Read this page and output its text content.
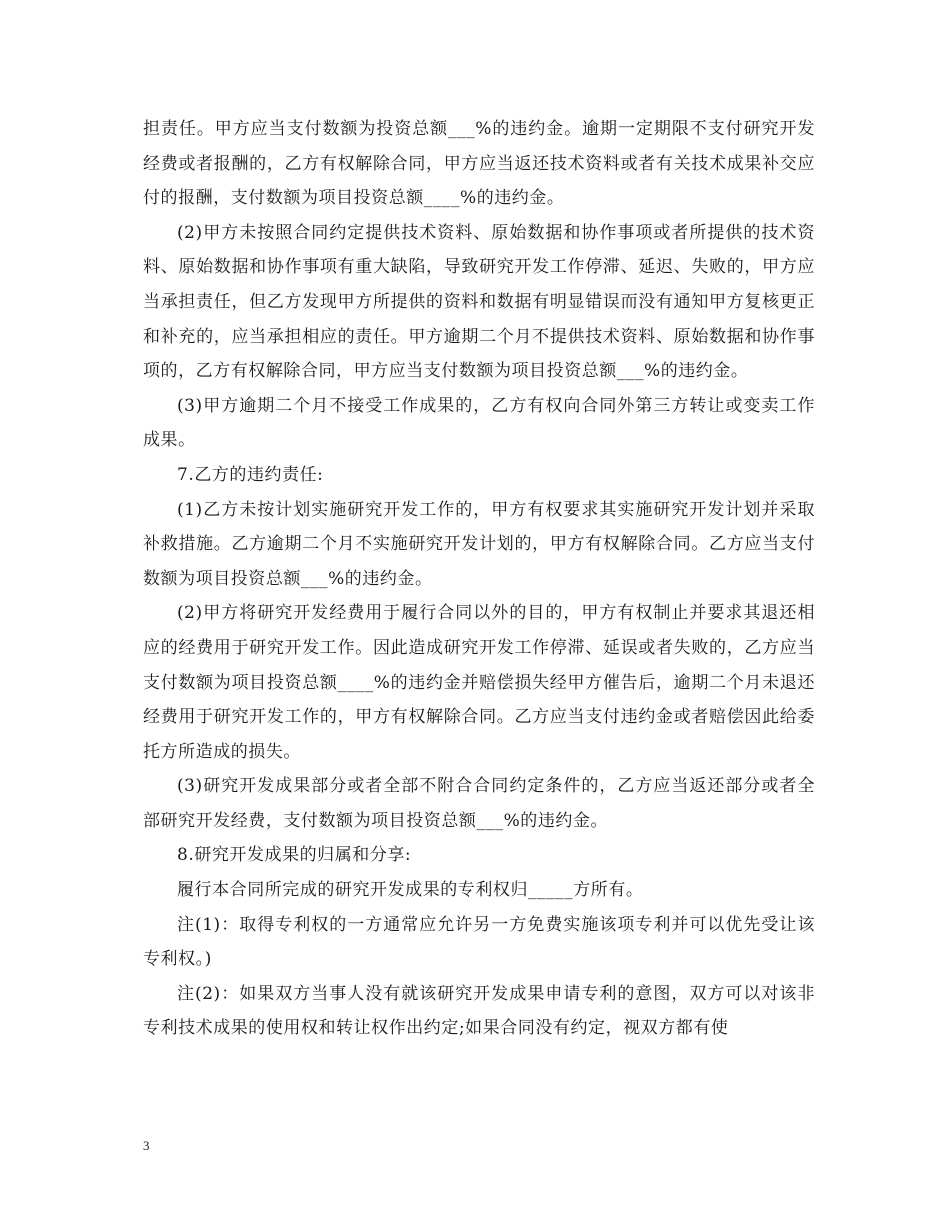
担责任。甲方应当支付数额为投资总额___%的违约金。逾期一定期限不支付研究开发经费或者报酬的，乙方有权解除合同，甲方应当返还技术资料或者有关技术成果补交应付的报酬，支付数额为项目投资总额____%的违约金。

(2)甲方未按照合同约定提供技术资料、原始数据和协作事项或者所提供的技术资料、原始数据和协作事项有重大缺陷，导致研究开发工作停滞、延迟、失败的，甲方应当承担责任，但乙方发现甲方所提供的资料和数据有明显错误而没有通知甲方复核更正和补充的，应当承担相应的责任。甲方逾期二个月不提供技术资料、原始数据和协作事项的，乙方有权解除合同，甲方应当支付数额为项目投资总额___%的违约金。

(3)甲方逾期二个月不接受工作成果的，乙方有权向合同外第三方转让或变卖工作成果。

7.乙方的违约责任:

(1)乙方未按计划实施研究开发工作的，甲方有权要求其实施研究开发计划并采取补救措施。乙方逾期二个月不实施研究开发计划的，甲方有权解除合同。乙方应当支付数额为项目投资总额___%的违约金。

(2)甲方将研究开发经费用于履行合同以外的目的，甲方有权制止并要求其退还相应的经费用于研究开发工作。因此造成研究开发工作停滞、延误或者失败的，乙方应当支付数额为项目投资总额____%的违约金并赔偿损失经甲方催告后，逾期二个月未退还经费用于研究开发工作的，甲方有权解除合同。乙方应当支付违约金或者赔偿因此给委托方所造成的损失。

(3)研究开发成果部分或者全部不附合合同约定条件的，乙方应当返还部分或者全部研究开发经费，支付数额为项目投资总额___%的违约金。

8.研究开发成果的归属和分享:

履行本合同所完成的研究开发成果的专利权归_____方所有。

注(1)：取得专利权的一方通常应允许另一方免费实施该项专利并可以优先受让该专利权。)

注(2)：如果双方当事人没有就该研究开发成果申请专利的意图，双方可以对该非专利技术成果的使用权和转让权作出约定;如果合同没有约定，视双方都有使

3
